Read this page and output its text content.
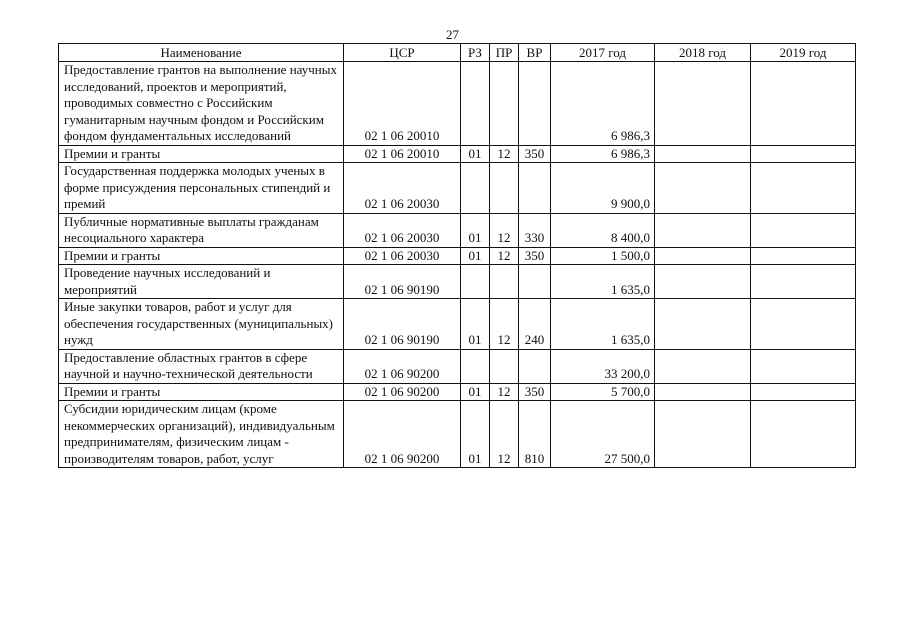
27
Наименование	ЦСР	РЗ	ПР	ВР	2017 год	2018 год	2019 год
Предоставление грантов на выполнение научных исследований, проектов и мероприятий, проводимых совместно с Российским гуманитарным научным фондом и Российским фондом фундаментальных исследований	02 1 06 20010				6 986,3		
Премии и гранты	02 1 06 20010	01	12	350	6 986,3		
Государственная поддержка молодых ученых в форме присуждения персональных стипендий и премий	02 1 06 20030				9 900,0		
Публичные нормативные выплаты гражданам несоциального характера	02 1 06 20030	01	12	330	8 400,0		
Премии и гранты	02 1 06 20030	01	12	350	1 500,0		
Проведение научных исследований и мероприятий	02 1 06 90190				1 635,0		
Иные закупки товаров, работ и услуг для обеспечения государственных (муниципальных) нужд	02 1 06 90190	01	12	240	1 635,0		
Предоставление областных грантов в сфере научной и научно-технической деятельности	02 1 06 90200				33 200,0		
Премии и гранты	02 1 06 90200	01	12	350	5 700,0		
Субсидии юридическим лицам (кроме некоммерческих организаций), индивидуальным предпринимателям, физическим лицам - производителям товаров, работ, услуг	02 1 06 90200	01	12	810	27 500,0		
